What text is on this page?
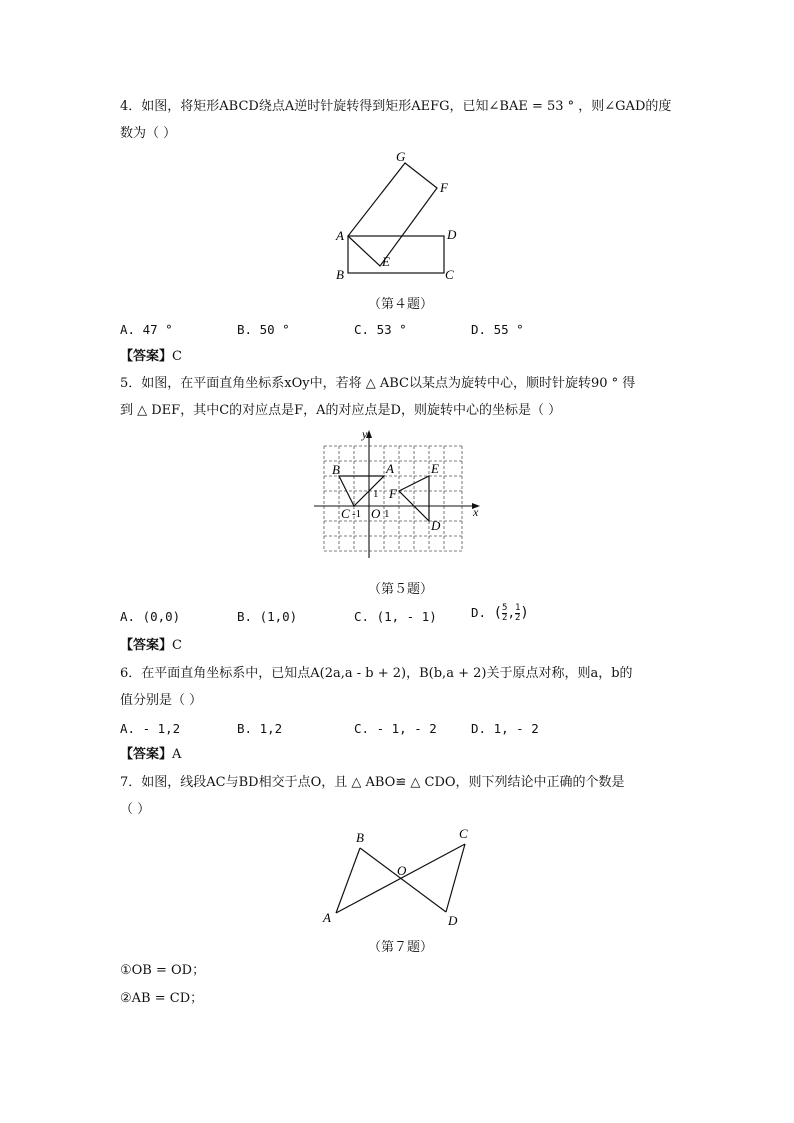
4．如图，将矩形ABCD绕点A逆时针旋转得到矩形AEFG，已知∠BAE = 53 ° ，则∠GAD的度
数为（ ）
G
F
A	D
E
B	C
（第４题）
A. 47 °	B. 50 °	C. 53 °	D. 55 °
【答案】C
5．如图，在平面直角坐标系xOy中，若将 △ ABC以某点为旋转中心，顺时针旋转90 ° 得
到 △ DEF，其中C的对应点是F，A的对应点是D，则旋转中心的坐标是（ ）
y
x
B	A	E
F
C O
D
1
-1 1
（第５题）
A. (0,0)	B. (1,0)	C. (1, - 1)	D. ( $\frac{5}{2}$ , $\frac{1}{2}$ )
【答案】C
6．在平面直角坐标系中，已知点A(2a,a - b + 2)，B(b,a + 2)关于原点对称，则a，b的
值分别是（ ）
A. - 1,2	B. 1,2	C. - 1, - 2	D. 1, - 2
【答案】A
7．如图，线段AC与BD相交于点O，且 △ ABO≌ △ CDO，则下列结论中正确的个数是
（ ）
B	C
O
A	D
（第７题）
①OB = OD；
②AB = CD；
